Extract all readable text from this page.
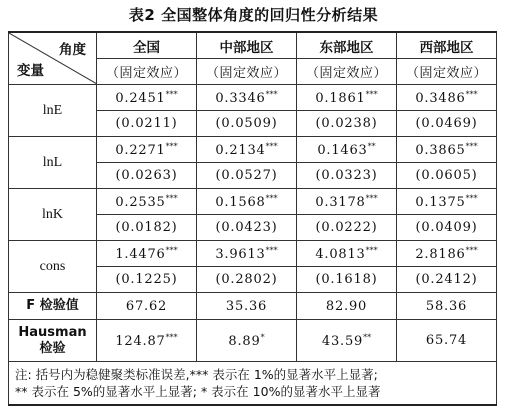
表2 全国整体角度的回归性分析结果
角度
变量	全国	中部地区	东部地区	西部地区
	（固定效应）	（固定效应）	（固定效应）	（固定效应）
lnE	0.2451***	0.3346***	0.1861***	0.3486***
	(0.0211)	(0.0509)	(0.0238)	(0.0469)
lnL	0.2271***	0.2134***	0.1463**	0.3865***
	(0.0263)	(0.0527)	(0.0323)	(0.0605)
lnK	0.2535***	0.1568***	0.3178***	0.1375***
	(0.0182)	(0.0423)	(0.0222)	(0.0409)
cons	1.4476***	3.9613***	4.0813***	2.8186***
	(0.1225)	(0.2802)	(0.1618)	(0.2412)
F 检验值	67.62	35.36	82.90	58.36

Hausman
检验	124.87***	8.89*	43.59**	65.74

注: 括号内为稳健聚类标准误差,*** 表示在 1%的显著水平上显著;
** 表示在 5%的显著水平上显著; * 表示在 10%的显著水平上显著				
